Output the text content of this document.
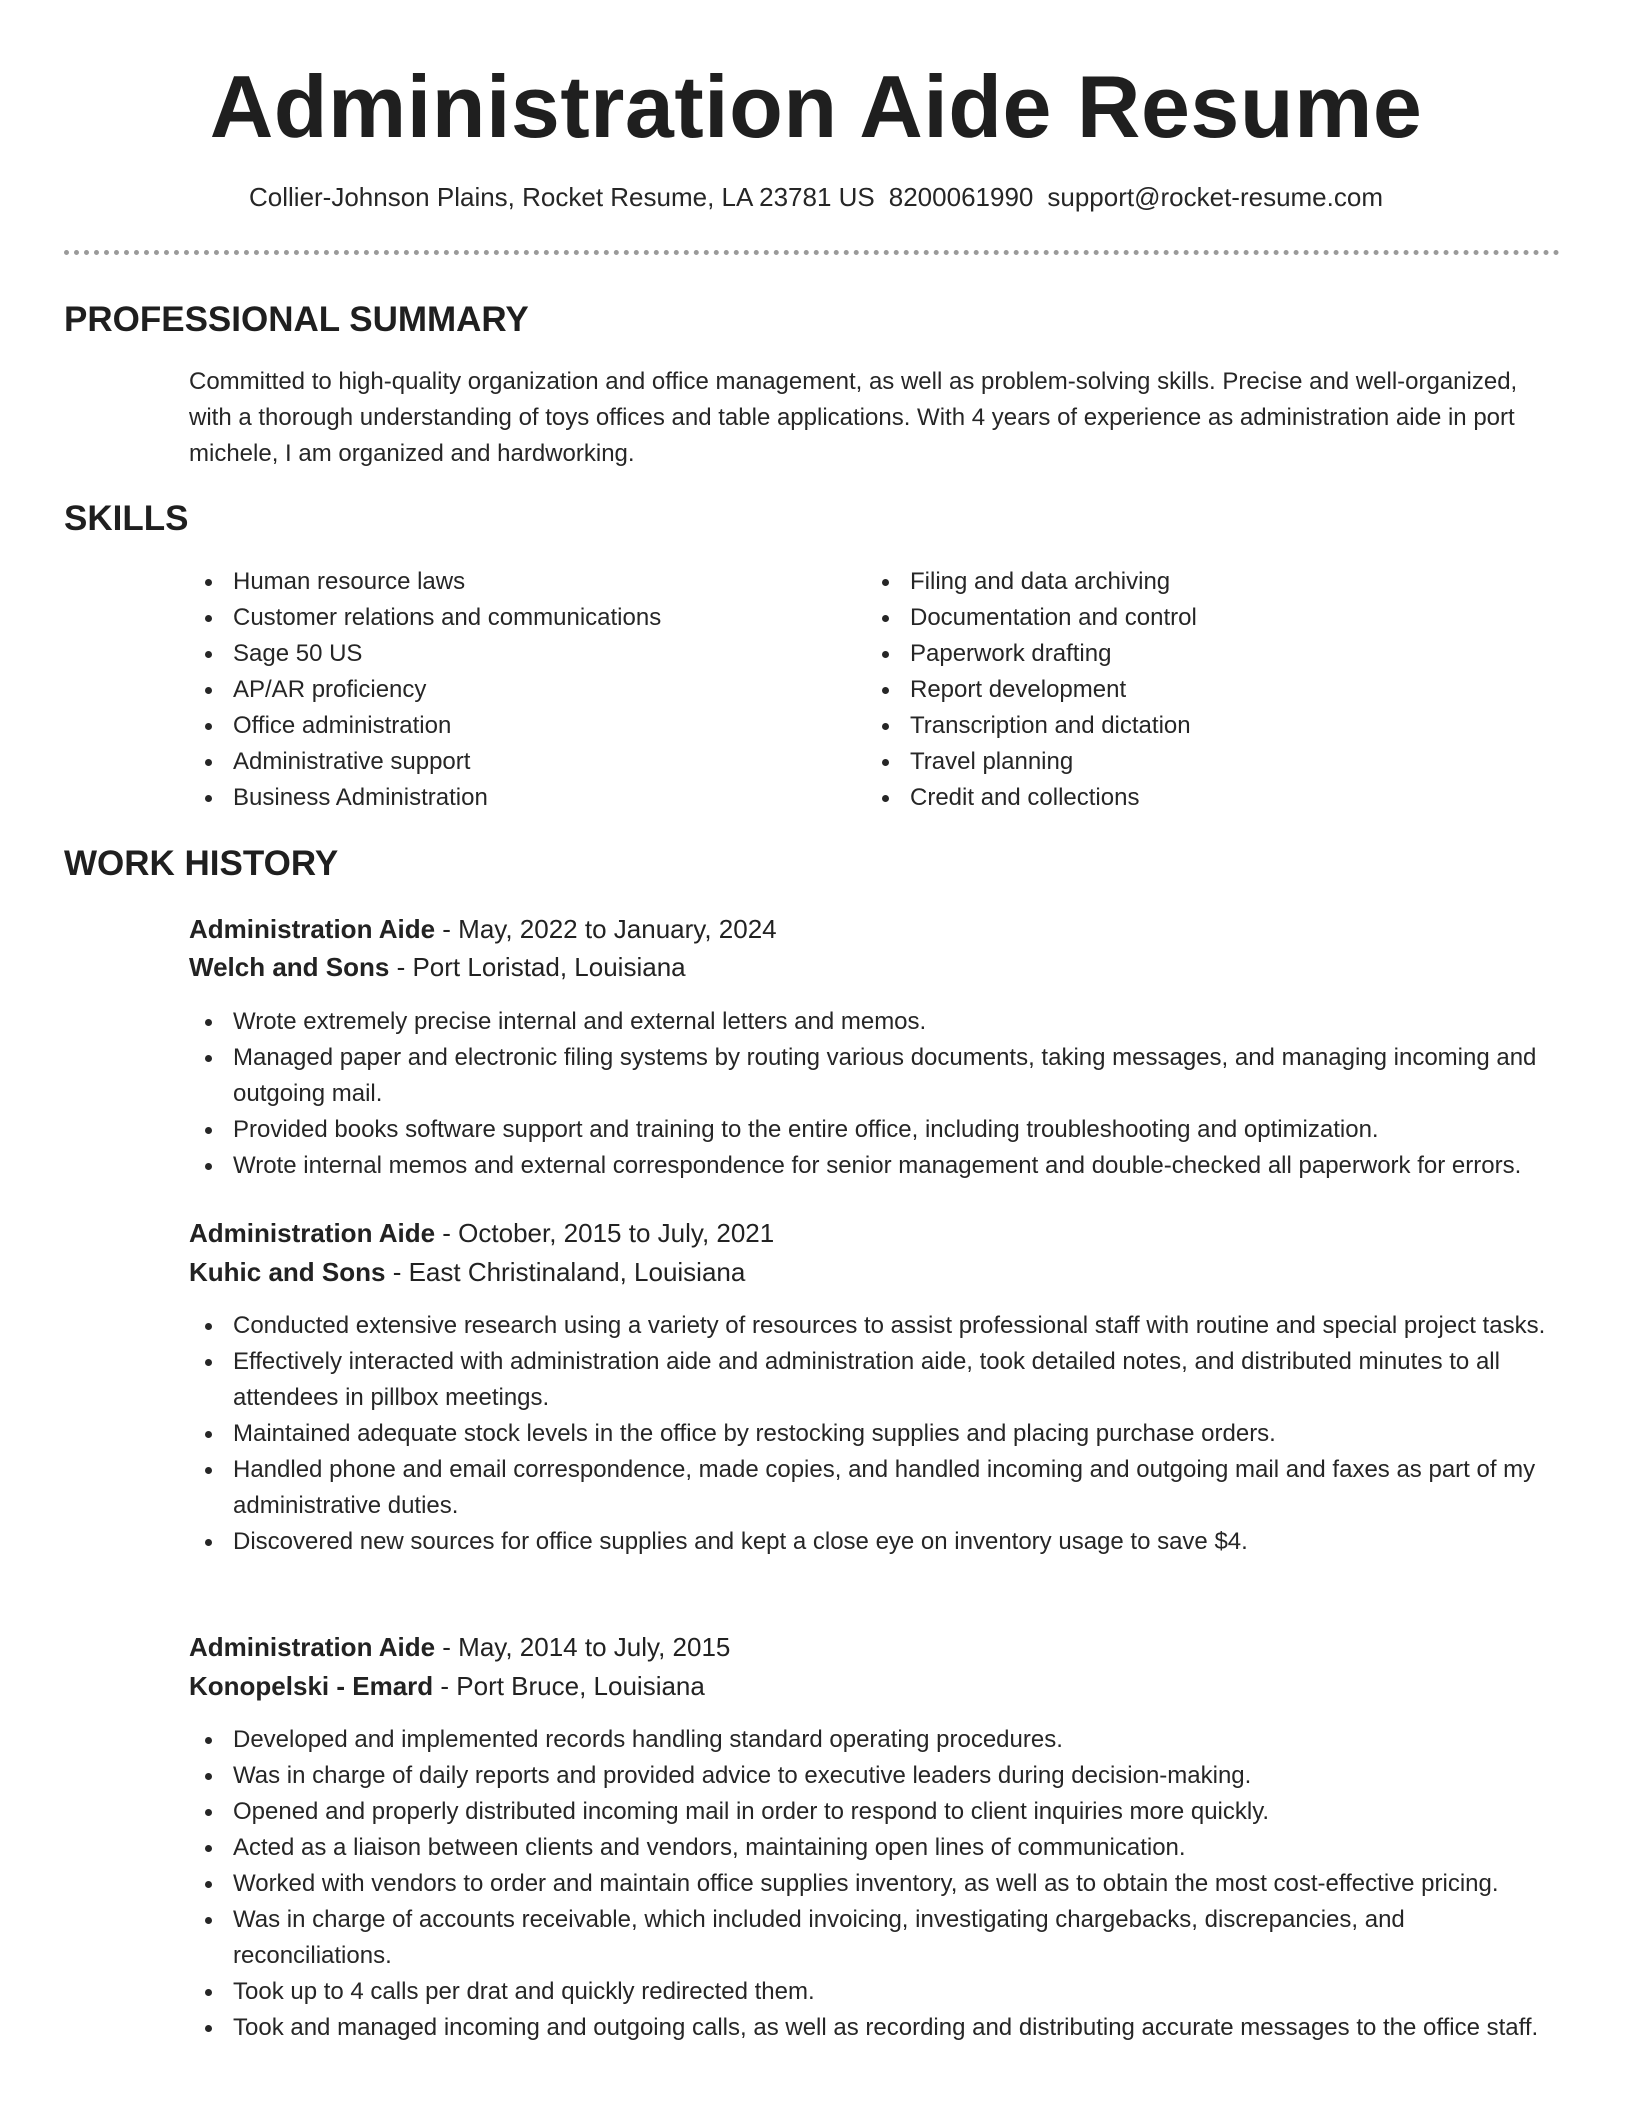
Administration Aide Resume
Collier-Johnson Plains, Rocket Resume, LA 23781 US 8200061990 support@rocket-resume.com
PROFESSIONAL SUMMARY

Committed to high-quality organization and office management, as well as problem-solving skills. Precise and well-organized, with a thorough understanding of toys offices and table applications. With 4 years of experience as administration aide in port michele, I am organized and hardworking.

SKILLS
Human resource laws
Customer relations and communications
Sage 50 US
AP/AR proficiency
Office administration
Administrative support
Business Administration
Filing and data archiving
Documentation and control
Paperwork drafting
Report development
Transcription and dictation
Travel planning
Credit and collections
WORK HISTORY
Administration Aide - May, 2022 to January, 2024
Welch and Sons - Port Loristad, Louisiana
Wrote extremely precise internal and external letters and memos.
Managed paper and electronic filing systems by routing various documents, taking messages, and managing incoming and outgoing mail.
Provided books software support and training to the entire office, including troubleshooting and optimization.
Wrote internal memos and external correspondence for senior management and double-checked all paperwork for errors.
Administration Aide - October, 2015 to July, 2021
Kuhic and Sons - East Christinaland, Louisiana
Conducted extensive research using a variety of resources to assist professional staff with routine and special project tasks.
Effectively interacted with administration aide and administration aide, took detailed notes, and distributed minutes to all attendees in pillbox meetings.
Maintained adequate stock levels in the office by restocking supplies and placing purchase orders.
Handled phone and email correspondence, made copies, and handled incoming and outgoing mail and faxes as part of my administrative duties.
Discovered new sources for office supplies and kept a close eye on inventory usage to save $4.
Administration Aide - May, 2014 to July, 2015
Konopelski - Emard - Port Bruce, Louisiana
Developed and implemented records handling standard operating procedures.
Was in charge of daily reports and provided advice to executive leaders during decision-making.
Opened and properly distributed incoming mail in order to respond to client inquiries more quickly.
Acted as a liaison between clients and vendors, maintaining open lines of communication.
Worked with vendors to order and maintain office supplies inventory, as well as to obtain the most cost-effective pricing.
Was in charge of accounts receivable, which included invoicing, investigating chargebacks, discrepancies, and reconciliations.
Took up to 4 calls per drat and quickly redirected them.
Took and managed incoming and outgoing calls, as well as recording and distributing accurate messages to the office staff.
